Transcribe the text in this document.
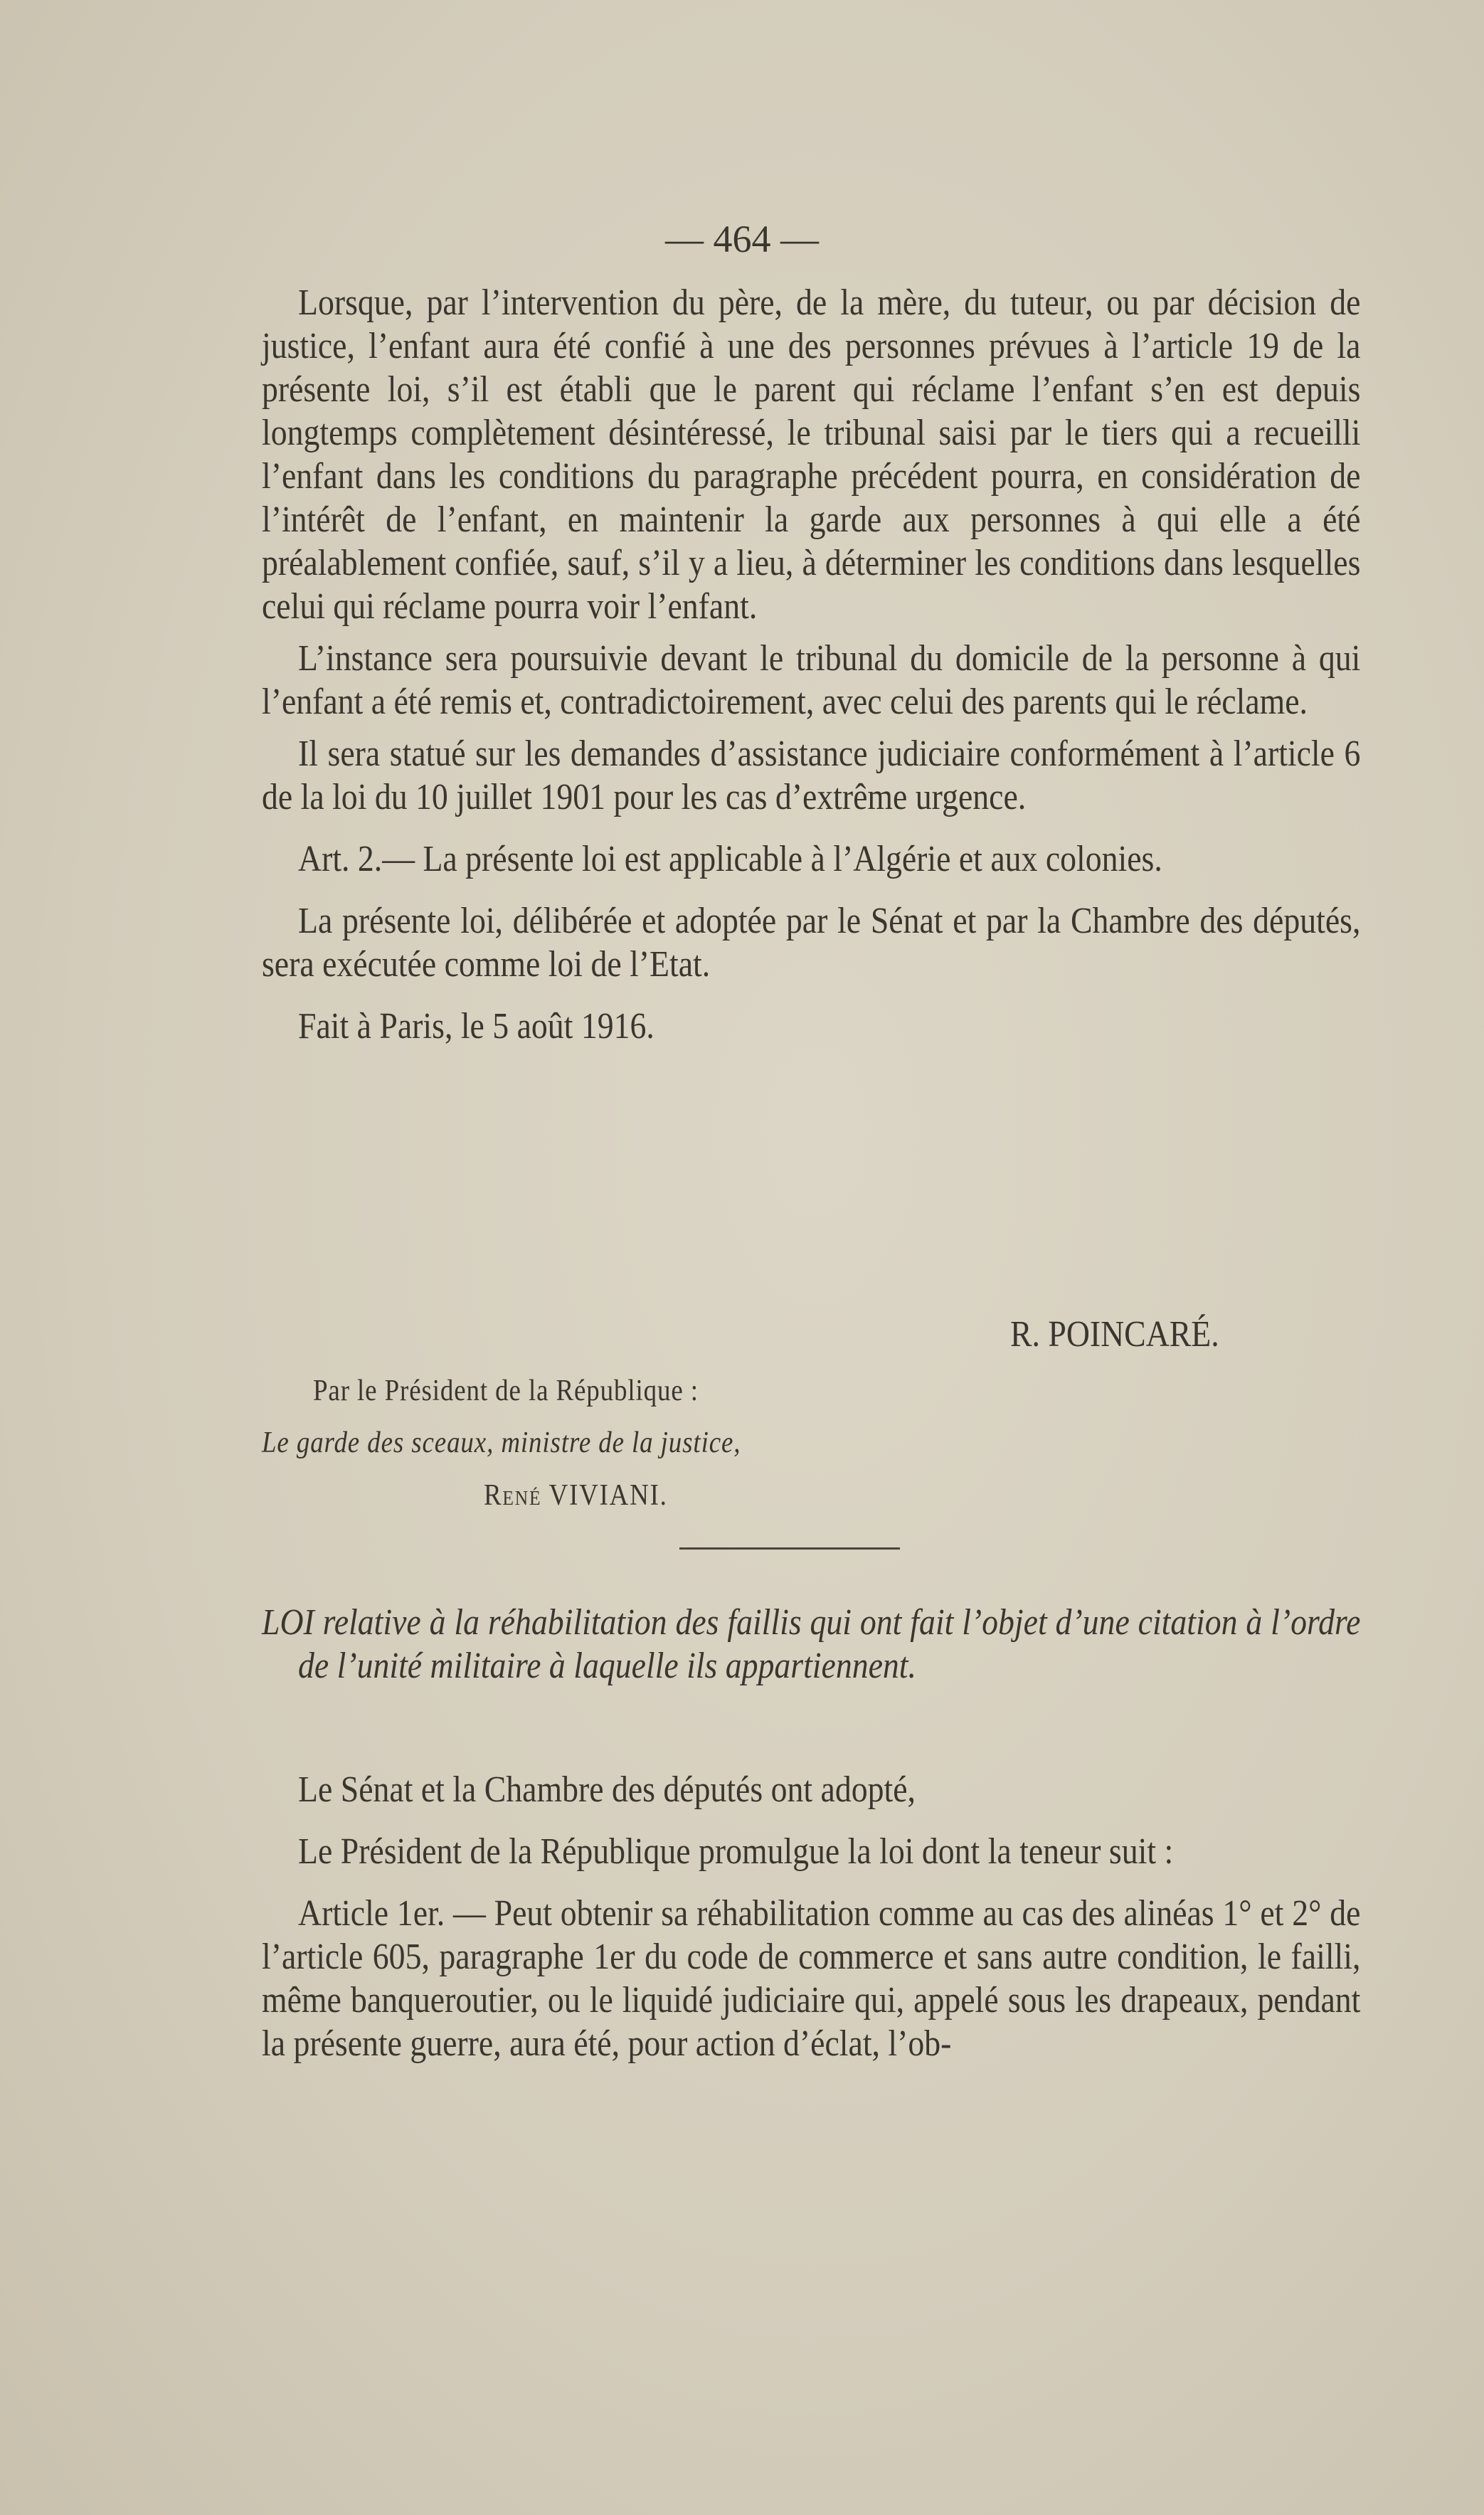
— 464 —

Lorsque, par l’intervention du père, de la mère, du tuteur, ou par décision de justice, l’enfant aura été confié à une des personnes prévues à l’article 19 de la présente loi, s’il est établi que le parent qui réclame l’enfant s’en est depuis longtemps complètement désintéressé, le tribunal saisi par le tiers qui a recueilli l’enfant dans les conditions du paragraphe précédent pourra, en considération de l’intérêt de l’enfant, en maintenir la garde aux personnes à qui elle a été préalablement confiée, sauf, s’il y a lieu, à déterminer les conditions dans lesquelles celui qui réclame pourra voir l’enfant.

L’instance sera poursuivie devant le tribunal du domicile de la personne à qui l’enfant a été remis et, contradictoirement, avec celui des parents qui le réclame.

Il sera statué sur les demandes d’assistance judiciaire conformément à l’article 6 de la loi du 10 juillet 1901 pour les cas d’extrême urgence.

Art. 2.— La présente loi est applicable à l’Algérie et aux colonies.

La présente loi, délibérée et adoptée par le Sénat et par la Chambre des députés, sera exécutée comme loi de l’Etat.

Fait à Paris, le 5 août 1916.

R. POINCARÉ.

Par le Président de la République :

Le garde des sceaux, ministre de la justice,

René VIVIANI.

LOI relative à la réhabilitation des faillis qui ont fait l’objet d’une citation à l’ordre de l’unité militaire à laquelle ils appartiennent.

Le Sénat et la Chambre des députés ont adopté,

Le Président de la République promulgue la loi dont la teneur suit :

Article 1er. — Peut obtenir sa réhabilitation comme au cas des alinéas 1° et 2° de l’article 605, paragraphe 1er du code de commerce et sans autre condition, le failli, même banqueroutier, ou le liquidé judiciaire qui, appelé sous les drapeaux, pendant la présente guerre, aura été, pour action d’éclat, l’ob-
